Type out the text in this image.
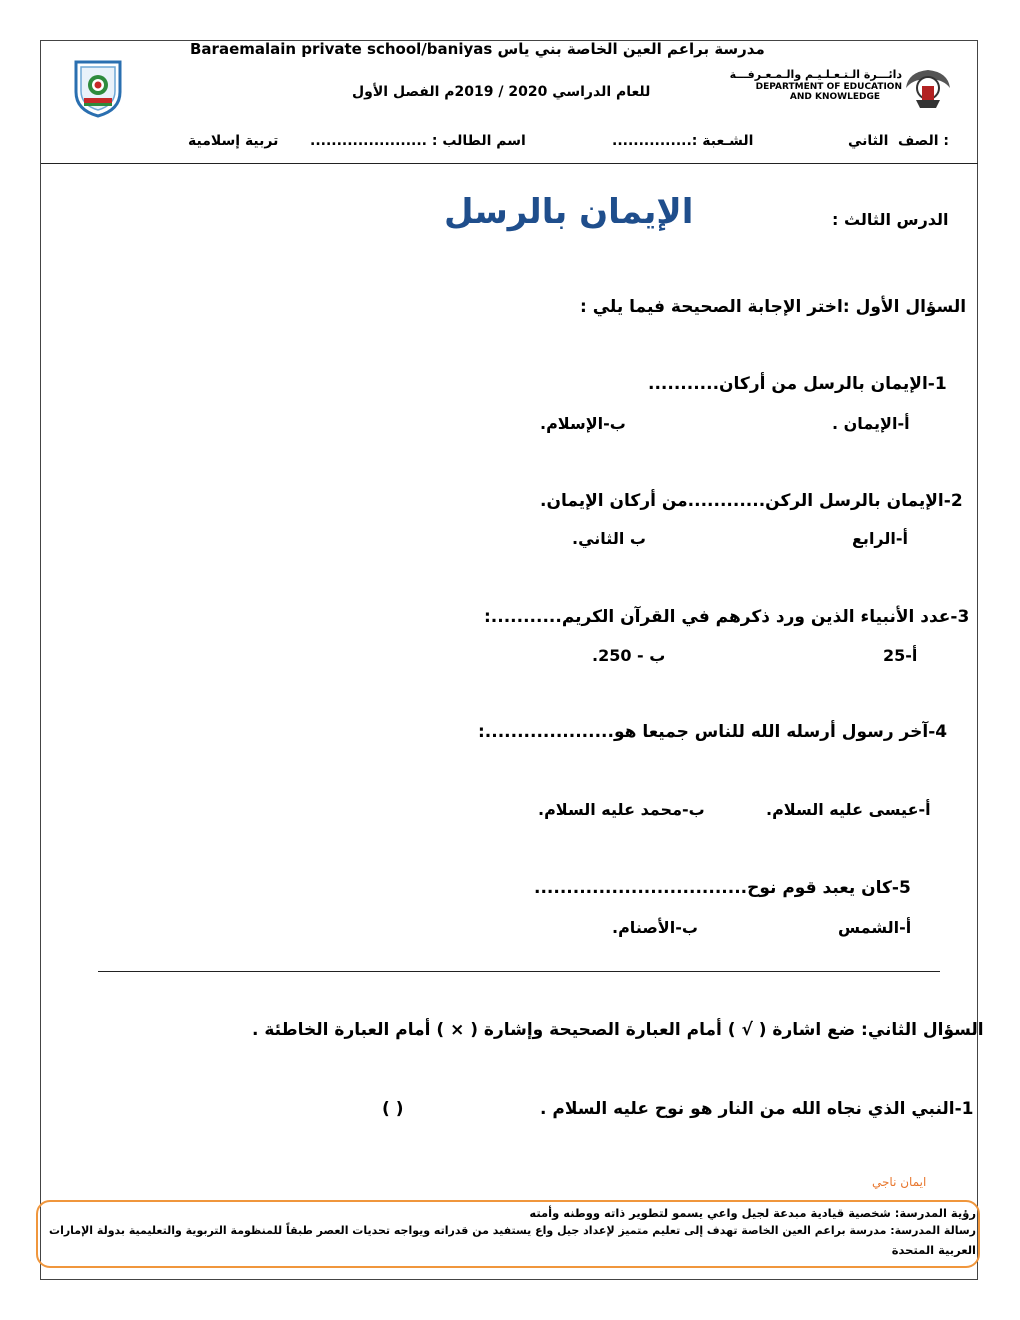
مدرسة براعم العين الخاصة بني ياس Baraemalain private school/baniyas
للعام الدراسي 2020 / 2019م الفصل الأول
دائـــرة الـتـعـلـيـم والـمـعـرفـــة
DEPARTMENT OF EDUCATION
AND KNOWLEDGE
الثاني الصف :
الشـعبة :...............
اسم الطالب : ......................
تربية إسلامية
الدرس الثالث :
الإيمان بالرسل
السؤال الأول :اختر الإجابة الصحيحة فيما يلي :
1-الإيمان بالرسل من أركان...........
أ-الإيمان .
ب-الإسلام.
2-الإيمان بالرسل الركن............من أركان الإيمان.
أ-الرابع
ب الثاني.
3-عدد الأنبياء الذين ورد ذكرهم في القرآن الكريم...........:
أ-25
ب - 250.
4-آخر رسول أرسله الله للناس جميعا هو....................:
أ-عيسى عليه السلام.
ب-محمد عليه السلام.
5-كان يعبد قوم نوح.................................
أ-الشمس
ب-الأصنام.
السؤال الثاني: ضع اشارة ( √ ) أمام العبارة الصحيحة وإشارة ( × ) أمام العبارة الخاطئة .
1-النبي الذي نجاه الله من النار هو نوح عليه السلام .
( )
ايمان ناجي
رؤية المدرسة: شخصية قيادية مبدعة لجيل واعي يسمو لتطوير ذاته ووطنه وأمته
رسالة المدرسة: مدرسة براعم العين الخاصة تهدف إلى تعليم متميز لإعداد جيل واع يستفيد من قدراته ويواجه تحديات العصر طبقاً للمنظومة التربوية والتعليمية بدولة الإمارات
العربية المتحدة
